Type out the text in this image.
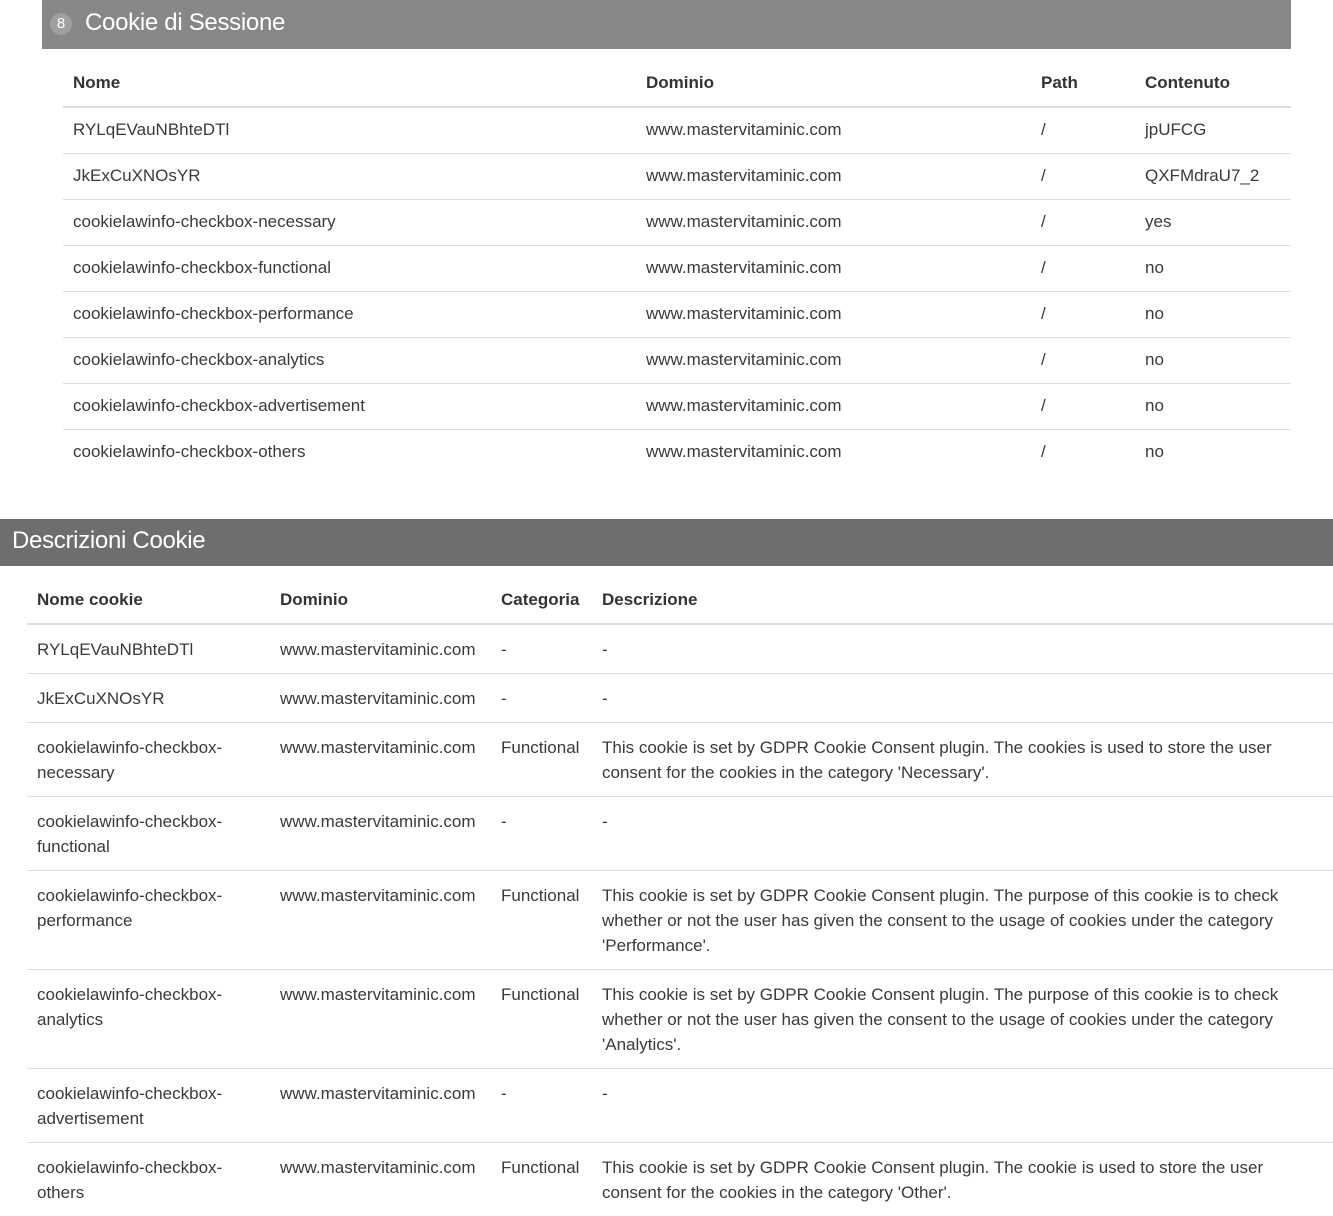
8 Cookie di Sessione
Nome	Dominio	Path	Contenuto
RYLqEVauNBhteDTl	www.mastervitaminic.com	/	jpUFCG
JkExCuXNOsYR	www.mastervitaminic.com	/	QXFMdraU7_2
cookielawinfo-checkbox-necessary	www.mastervitaminic.com	/	yes
cookielawinfo-checkbox-functional	www.mastervitaminic.com	/	no
cookielawinfo-checkbox-performance	www.mastervitaminic.com	/	no
cookielawinfo-checkbox-analytics	www.mastervitaminic.com	/	no
cookielawinfo-checkbox-advertisement	www.mastervitaminic.com	/	no
cookielawinfo-checkbox-others	www.mastervitaminic.com	/	no
Descrizioni Cookie
Nome cookie	Dominio	Categoria	Descrizione
RYLqEVauNBhteDTl	www.mastervitaminic.com	-	-
JkExCuXNOsYR	www.mastervitaminic.com	-	-
cookielawinfo-checkbox-necessary	www.mastervitaminic.com	Functional	This cookie is set by GDPR Cookie Consent plugin. The cookies is used to store the user consent for the cookies in the category 'Necessary'.
cookielawinfo-checkbox-functional	www.mastervitaminic.com	-	-
cookielawinfo-checkbox-performance	www.mastervitaminic.com	Functional	This cookie is set by GDPR Cookie Consent plugin. The purpose of this cookie is to check whether or not the user has given the consent to the usage of cookies under the category 'Performance'.
cookielawinfo-checkbox-analytics	www.mastervitaminic.com	Functional	This cookie is set by GDPR Cookie Consent plugin. The purpose of this cookie is to check whether or not the user has given the consent to the usage of cookies under the category 'Analytics'.
cookielawinfo-checkbox-advertisement	www.mastervitaminic.com	-	-
cookielawinfo-checkbox-others	www.mastervitaminic.com	Functional	This cookie is set by GDPR Cookie Consent plugin. The cookie is used to store the user consent for the cookies in the category 'Other'.
